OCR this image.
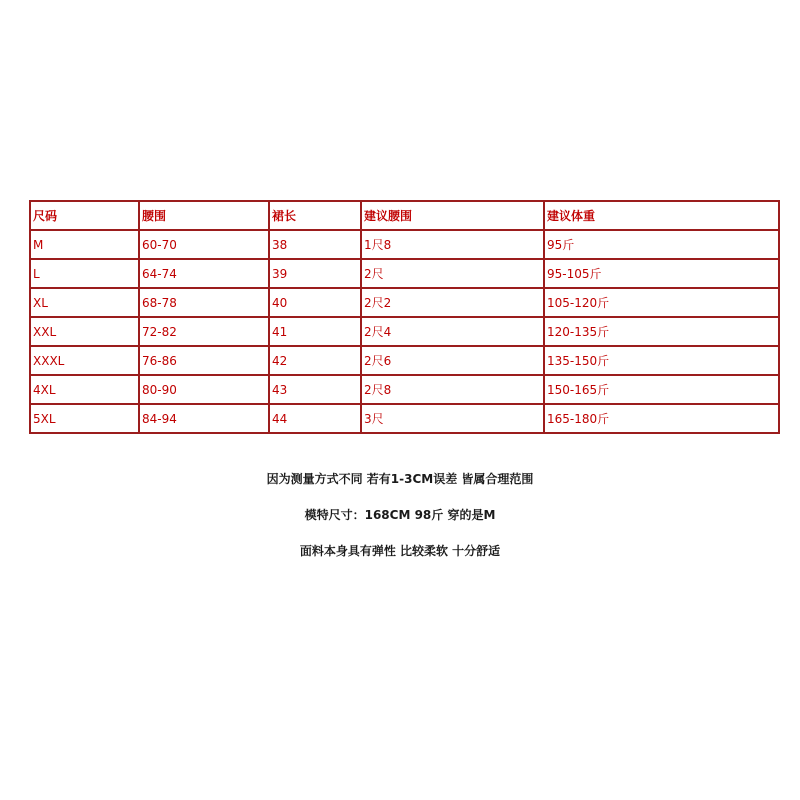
尺码	腰围	裙长	建议腰围	建议体重
M	60-70	38	1尺8	95斤
L	64-74	39	2尺	95-105斤
XL	68-78	40	2尺2	105-120斤
XXL	72-82	41	2尺4	120-135斤
XXXL	76-86	42	2尺6	135-150斤
4XL	80-90	43	2尺8	150-165斤
5XL	84-94	44	3尺	165-180斤
因为测量方式不同 若有1-3CM误差 皆属合理范围
模特尺寸：168CM 98斤 穿的是M
面料本身具有弹性 比较柔软 十分舒适
